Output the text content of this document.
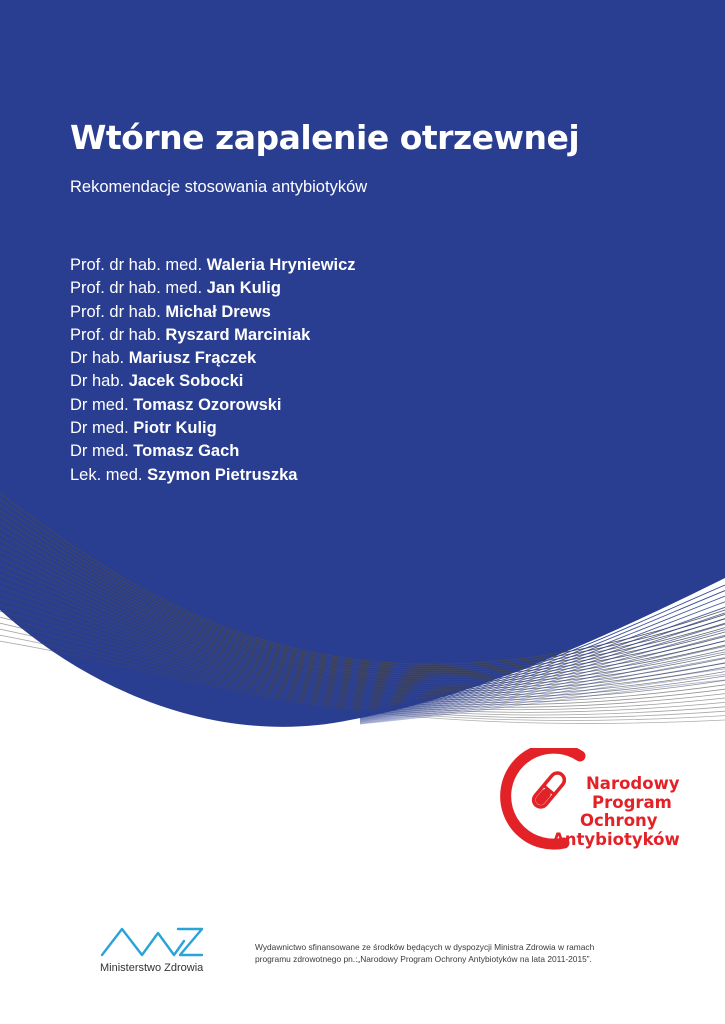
Wtórne zapalenie otrzewnej
Rekomendacje stosowania antybiotyków
Prof. dr hab. med. Waleria Hryniewicz
Prof. dr hab. med. Jan Kulig
Prof. dr hab. Michał Drews
Prof. dr hab. Ryszard Marciniak
Dr hab. Mariusz Frączek
Dr hab. Jacek Sobocki
Dr med. Tomasz Ozorowski
Dr med. Piotr Kulig
Dr med. Tomasz Gach
Lek. med. Szymon Pietruszka
Narodowy
Program
Ochrony
Antybiotyków
Ministerstwo Zdrowia
Wydawnictwo sfinansowane ze środków będących w dyspozycji Ministra Zdrowia w ramach
programu zdrowotnego pn.:„Narodowy Program Ochrony Antybiotyków na lata 2011-2015”.
